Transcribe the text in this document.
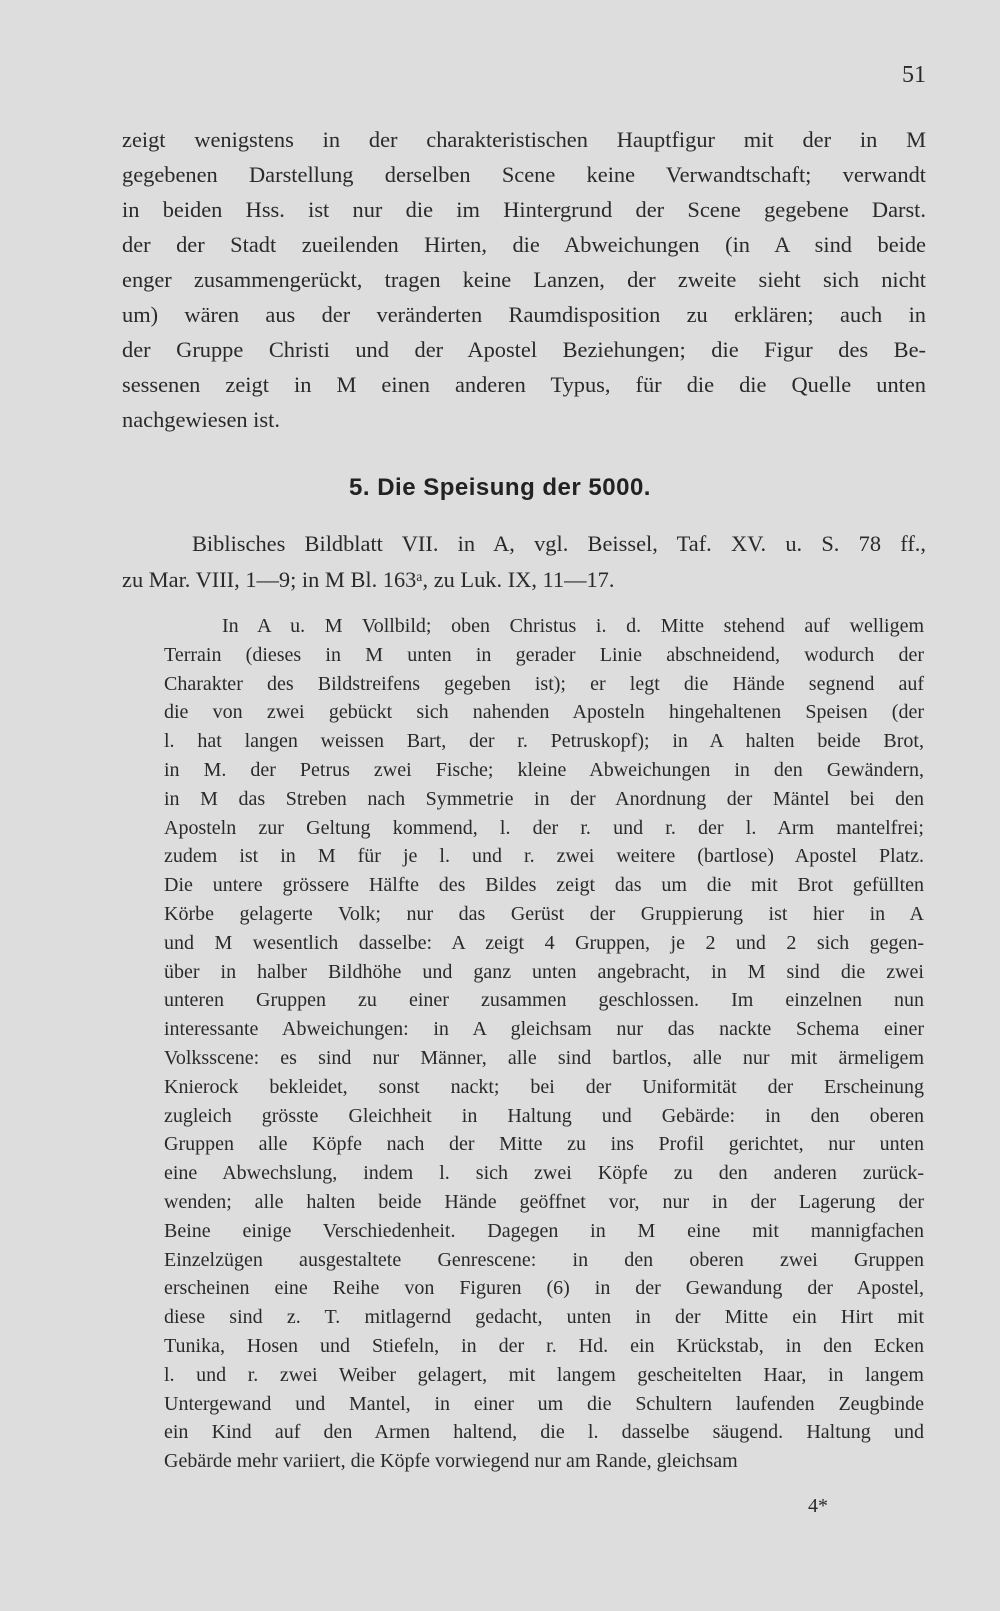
51
zeigt wenigstens in der charakteristischen Hauptfigur mit der in M
gegebenen Darstellung derselben Scene keine Verwandtschaft; verwandt
in beiden Hss. ist nur die im Hintergrund der Scene gegebene Darst.
der der Stadt zueilenden Hirten, die Abweichungen (in A sind beide
enger zusammengerückt, tragen keine Lanzen, der zweite sieht sich nicht
um) wären aus der veränderten Raumdisposition zu erklären; auch in
der Gruppe Christi und der Apostel Beziehungen; die Figur des Be-
sessenen zeigt in M einen anderen Typus, für die die Quelle unten
nachgewiesen ist.
5. Die Speisung der 5000.
Biblisches Bildblatt VII. in A, vgl. Beissel, Taf. XV. u. S. 78 ff.,
zu Mar. VIII, 1—9; in M Bl. 163ᵃ, zu Luk. IX, 11—17.
In A u. M Vollbild; oben Christus i. d. Mitte stehend auf welligem
Terrain (dieses in M unten in gerader Linie abschneidend, wodurch der
Charakter des Bildstreifens gegeben ist); er legt die Hände segnend auf
die von zwei gebückt sich nahenden Aposteln hingehaltenen Speisen (der
l. hat langen weissen Bart, der r. Petruskopf); in A halten beide Brot,
in M. der Petrus zwei Fische; kleine Abweichungen in den Gewändern,
in M das Streben nach Symmetrie in der Anordnung der Mäntel bei den
Aposteln zur Geltung kommend, l. der r. und r. der l. Arm mantelfrei;
zudem ist in M für je l. und r. zwei weitere (bartlose) Apostel Platz.
Die untere grössere Hälfte des Bildes zeigt das um die mit Brot gefüllten
Körbe gelagerte Volk; nur das Gerüst der Gruppierung ist hier in A
und M wesentlich dasselbe: A zeigt 4 Gruppen, je 2 und 2 sich gegen-
über in halber Bildhöhe und ganz unten angebracht, in M sind die zwei
unteren Gruppen zu einer zusammen geschlossen. Im einzelnen nun
interessante Abweichungen: in A gleichsam nur das nackte Schema einer
Volksscene: es sind nur Männer, alle sind bartlos, alle nur mit ärmeligem
Knierock bekleidet, sonst nackt; bei der Uniformität der Erscheinung
zugleich grösste Gleichheit in Haltung und Gebärde: in den oberen
Gruppen alle Köpfe nach der Mitte zu ins Profil gerichtet, nur unten
eine Abwechslung, indem l. sich zwei Köpfe zu den anderen zurück-
wenden; alle halten beide Hände geöffnet vor, nur in der Lagerung der
Beine einige Verschiedenheit. Dagegen in M eine mit mannigfachen
Einzelzügen ausgestaltete Genrescene: in den oberen zwei Gruppen
erscheinen eine Reihe von Figuren (6) in der Gewandung der Apostel,
diese sind z. T. mitlagernd gedacht, unten in der Mitte ein Hirt mit
Tunika, Hosen und Stiefeln, in der r. Hd. ein Krückstab, in den Ecken
l. und r. zwei Weiber gelagert, mit langem gescheitelten Haar, in langem
Untergewand und Mantel, in einer um die Schultern laufenden Zeugbinde
ein Kind auf den Armen haltend, die l. dasselbe säugend. Haltung und
Gebärde mehr variiert, die Köpfe vorwiegend nur am Rande, gleichsam
4*
